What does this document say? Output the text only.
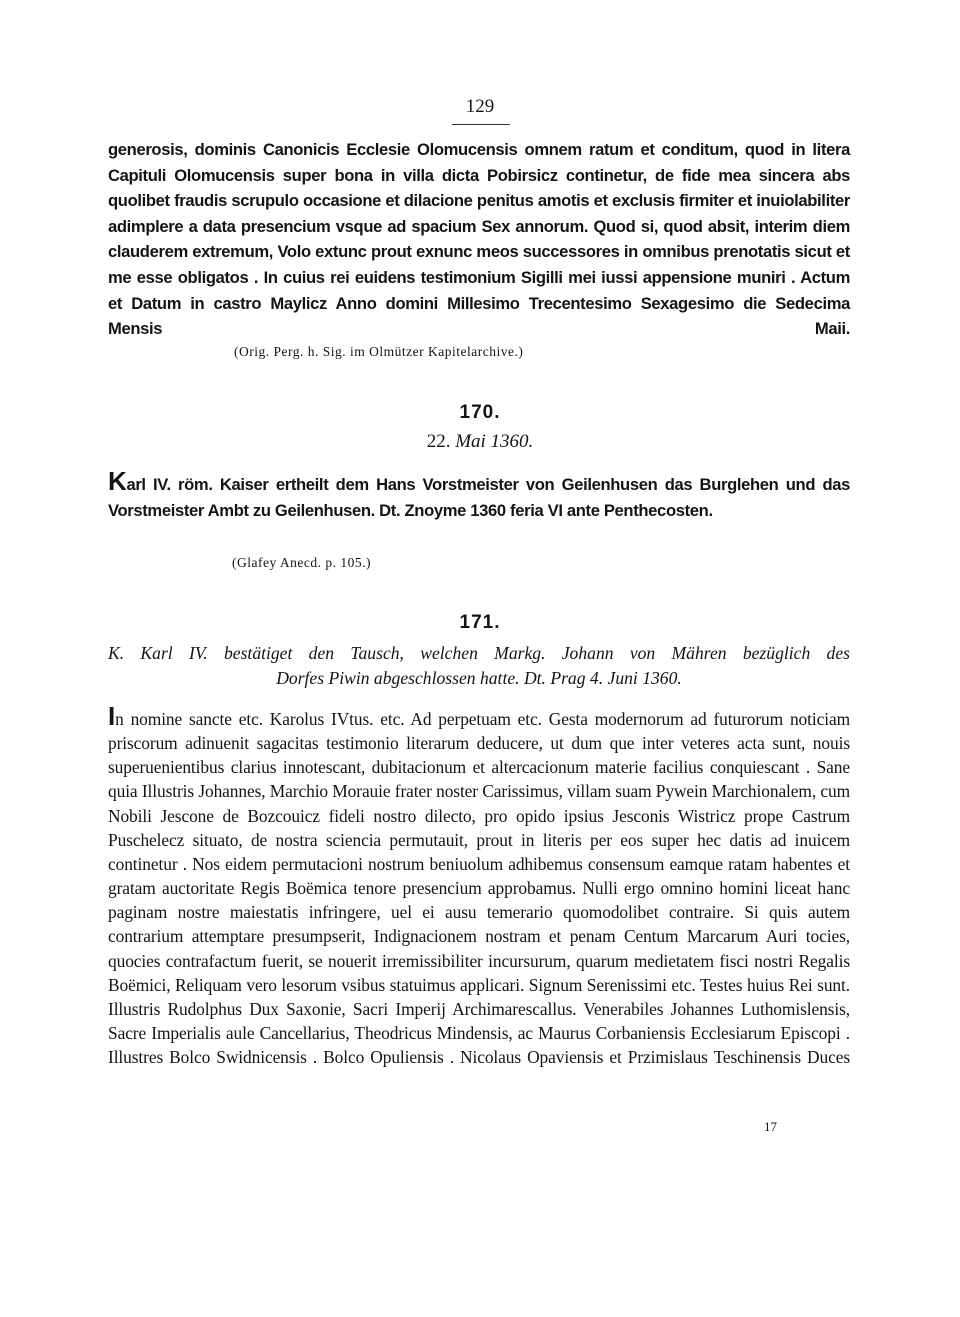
129
generosis, dominis Canonicis Ecclesie Olomucensis omnem ratum et conditum, quod in litera Capituli Olomucensis super bona in villa dicta Pobirsicz continetur, de fide mea sincera abs quolibet fraudis scrupulo occasione et dilacione penitus amotis et exclusis firmiter et inuiolabiliter adimplere a data presencium vsque ad spacium Sex annorum. Quod si, quod absit, interim diem clauderem extremum, Volo extunc prout exnunc meos successores in omnibus prenotatis sicut et me esse obligatos . In cuius rei euidens testimonium Sigilli mei iussi appensione muniri . Actum et Datum in castro Maylicz Anno domini Millesimo Trecentesimo Sexagesimo die Sedecima Mensis Maii.
(Orig. Perg. h. Sig. im Olmützer Kapitelarchive.)
170.
22. Mai 1360.
Karl IV. röm. Kaiser ertheilt dem Hans Vorstmeister von Geilenhusen das Burglehen und das Vorstmeister Ambt zu Geilenhusen. Dt. Znoyme 1360 feria VI ante Penthecosten.
(Glafey Anecd. p. 105.)
171.
K. Karl IV. bestätiget den Tausch, welchen Markg. Johann von Mähren bezüglich des
Dorfes Piwin abgeschlossen hatte. Dt. Prag 4. Juni 1360.
In nomine sancte etc. Karolus IVtus. etc. Ad perpetuam etc. Gesta modernorum ad futurorum noticiam priscorum adinuenit sagacitas testimonio literarum deducere, ut dum que inter veteres acta sunt, nouis superuenientibus clarius innotescant, dubitacionum et altercacionum materie facilius conquiescant . Sane quia Illustris Johannes, Marchio Morauie frater noster Carissimus, villam suam Pywein Marchionalem, cum Nobili Jescone de Bozcouicz fideli nostro dilecto, pro opido ipsius Jesconis Wistricz prope Castrum Puschelecz situato, de nostra sciencia permutauit, prout in literis per eos super hec datis ad inuicem continetur . Nos eidem permutacioni nostrum beniuolum adhibemus consensum eamque ratam habentes et gratam auctoritate Regis Boëmica tenore presencium approbamus. Nulli ergo omnino homini liceat hanc paginam nostre maiestatis infringere, uel ei ausu temerario quomodolibet contraire. Si quis autem contrarium attemptare presumpserit, Indignacionem nostram et penam Centum Marcarum Auri tocies, quocies contrafactum fuerit, se nouerit irremissibiliter incursurum, quarum medietatem fisci nostri Regalis Boëmici, Reliquam vero lesorum vsibus statuimus applicari. Signum Serenissimi etc. Testes huius Rei sunt. Illustris Rudolphus Dux Saxonie, Sacri Imperij Archimarescallus. Venerabiles Johannes Luthomislensis, Sacre Imperialis aule Cancellarius, Theodricus Mindensis, ac Maurus Corbaniensis Ecclesiarum Episcopi . Illustres Bolco Swidnicensis . Bolco Opuliensis . Nicolaus Opaviensis et Przimislaus Teschinensis Duces
17
